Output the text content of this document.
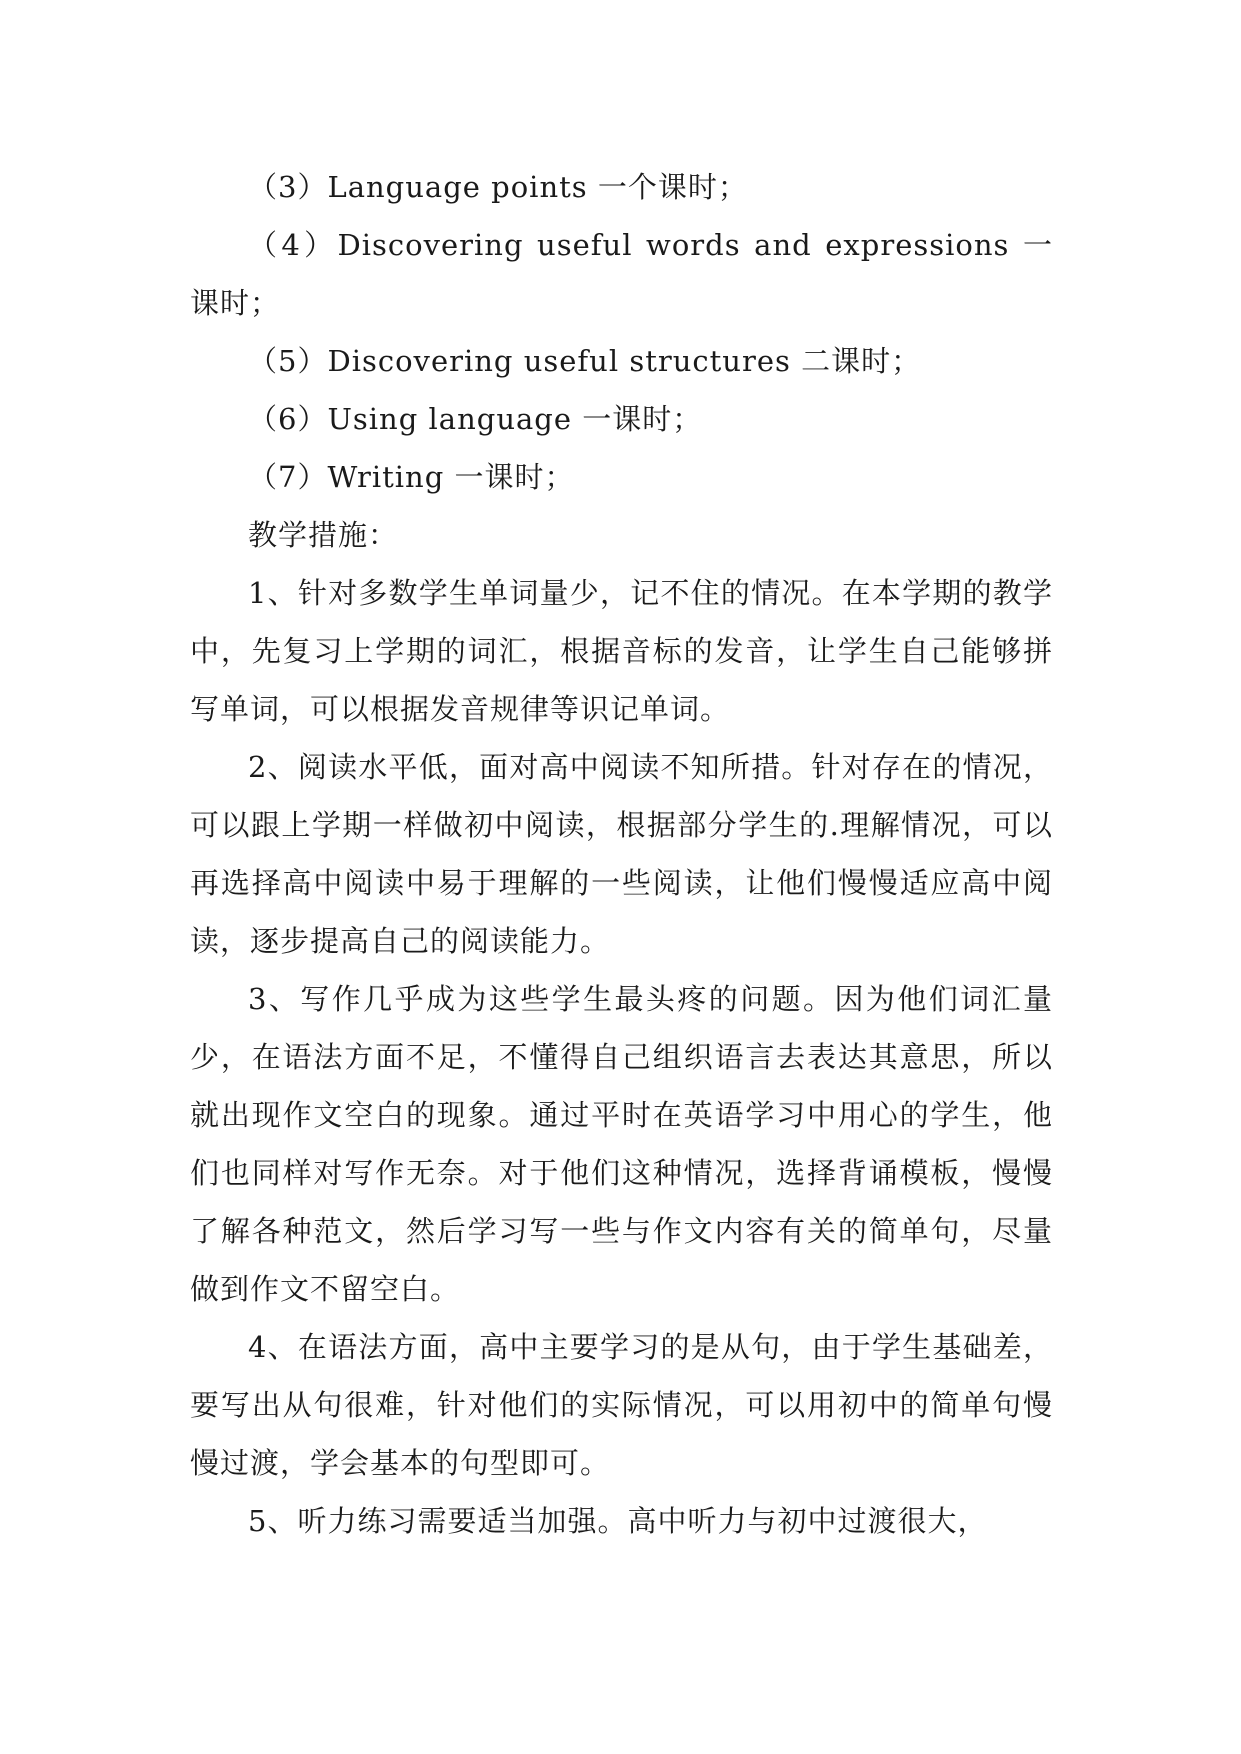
（3）Language points 一个课时；

（4）Discovering useful words and expressions 一课时；

（5）Discovering useful structures 二课时；

（6）Using language 一课时；

（7）Writing 一课时；

教学措施：

1、针对多数学生单词量少，记不住的情况。在本学期的教学中，先复习上学期的词汇，根据音标的发音，让学生自己能够拼写单词，可以根据发音规律等识记单词。

2、阅读水平低，面对高中阅读不知所措。针对存在的情况，可以跟上学期一样做初中阅读，根据部分学生的.理解情况，可以再选择高中阅读中易于理解的一些阅读，让他们慢慢适应高中阅读，逐步提高自己的阅读能力。

3、写作几乎成为这些学生最头疼的问题。因为他们词汇量少，在语法方面不足，不懂得自己组织语言去表达其意思，所以就出现作文空白的现象。通过平时在英语学习中用心的学生，他们也同样对写作无奈。对于他们这种情况，选择背诵模板，慢慢了解各种范文，然后学习写一些与作文内容有关的简单句，尽量做到作文不留空白。

4、在语法方面，高中主要学习的是从句，由于学生基础差，要写出从句很难，针对他们的实际情况，可以用初中的简单句慢慢过渡，学会基本的句型即可。

5、听力练习需要适当加强。高中听力与初中过渡很大，
